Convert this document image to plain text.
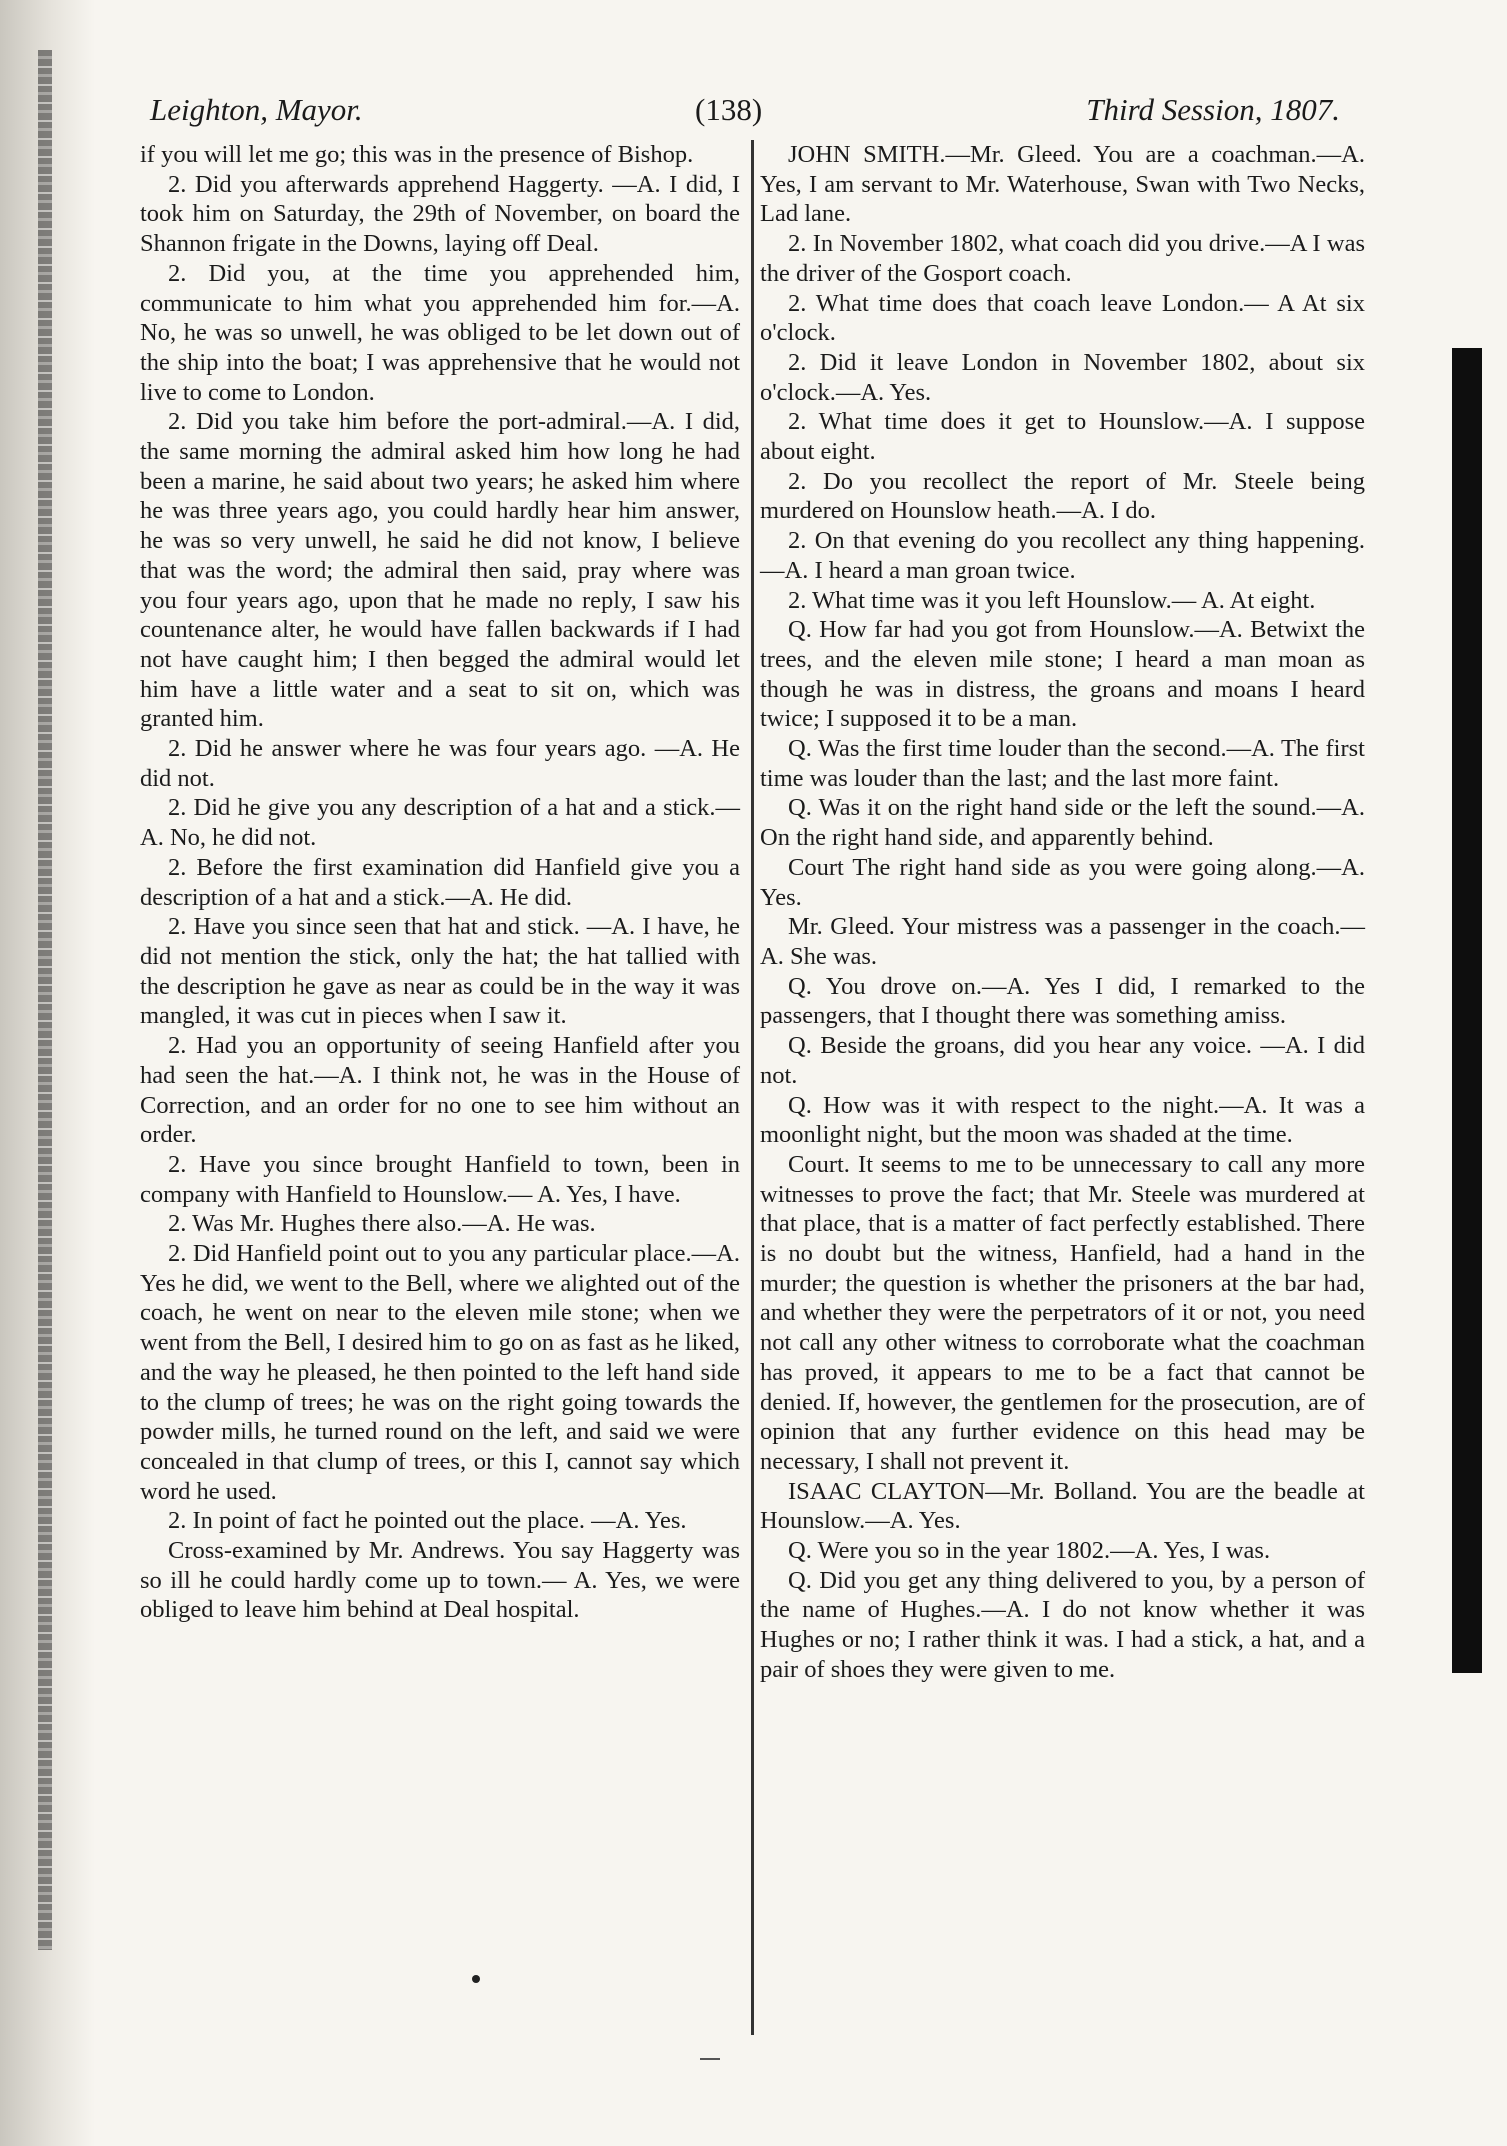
Leighton, Mayor.	(138)	Third Session, 1807.

if you will let me go; this was in the presence of Bishop.

2. Did you afterwards apprehend Haggerty. —A. I did, I took him on Saturday, the 29th of November, on board the Shannon frigate in the Downs, laying off Deal.

2. Did you, at the time you apprehended him, communicate to him what you apprehended him for.—A. No, he was so unwell, he was obliged to be let down out of the ship into the boat; I was apprehensive that he would not live to come to London.

2. Did you take him before the port-admiral.—A. I did, the same morning the admiral asked him how long he had been a marine, he said about two years; he asked him where he was three years ago, you could hardly hear him answer, he was so very unwell, he said he did not know, I believe that was the word; the admiral then said, pray where was you four years ago, upon that he made no reply, I saw his countenance alter, he would have fallen backwards if I had not have caught him; I then begged the admiral would let him have a little water and a seat to sit on, which was granted him.

2. Did he answer where he was four years ago. —A. He did not.

2. Did he give you any description of a hat and a stick.—A. No, he did not.

2. Before the first examination did Hanfield give you a description of a hat and a stick.—A. He did.

2. Have you since seen that hat and stick. —A. I have, he did not mention the stick, only the hat; the hat tallied with the description he gave as near as could be in the way it was mangled, it was cut in pieces when I saw it.

2. Had you an opportunity of seeing Hanfield after you had seen the hat.—A. I think not, he was in the House of Correction, and an order for no one to see him without an order.

2. Have you since brought Hanfield to town, been in company with Hanfield to Hounslow.— A. Yes, I have.

2. Was Mr. Hughes there also.—A. He was.

2. Did Hanfield point out to you any particular place.—A. Yes he did, we went to the Bell, where we alighted out of the coach, he went on near to the eleven mile stone; when we went from the Bell, I desired him to go on as fast as he liked, and the way he pleased, he then pointed to the left hand side to the clump of trees; he was on the right going towards the powder mills, he turned round on the left, and said we were concealed in that clump of trees, or this I, cannot say which word he used.

2. In point of fact he pointed out the place. —A. Yes.

Cross-examined by Mr. Andrews. You say Haggerty was so ill he could hardly come up to town.— A. Yes, we were obliged to leave him behind at Deal hospital.

JOHN SMITH.—Mr. Gleed. You are a coachman.—A. Yes, I am servant to Mr. Waterhouse, Swan with Two Necks, Lad lane.

2. In November 1802, what coach did you drive.—A I was the driver of the Gosport coach.

2. What time does that coach leave London.— A At six o'clock.

2. Did it leave London in November 1802, about six o'clock.—A. Yes.

2. What time does it get to Hounslow.—A. I suppose about eight.

2. Do you recollect the report of Mr. Steele being murdered on Hounslow heath.—A. I do.

2. On that evening do you recollect any thing happening.—A. I heard a man groan twice.

2. What time was it you left Hounslow.— A. At eight.

Q. How far had you got from Hounslow.—A. Betwixt the trees, and the eleven mile stone; I heard a man moan as though he was in distress, the groans and moans I heard twice; I supposed it to be a man.

Q. Was the first time louder than the second.—A. The first time was louder than the last; and the last more faint.

Q. Was it on the right hand side or the left the sound.—A. On the right hand side, and apparently behind.

Court The right hand side as you were going along.—A. Yes.

Mr. Gleed. Your mistress was a passenger in the coach.—A. She was.

Q. You drove on.—A. Yes I did, I remarked to the passengers, that I thought there was something amiss.

Q. Beside the groans, did you hear any voice. —A. I did not.

Q. How was it with respect to the night.—A. It was a moonlight night, but the moon was shaded at the time.

Court. It seems to me to be unnecessary to call any more witnesses to prove the fact; that Mr. Steele was murdered at that place, that is a matter of fact perfectly established. There is no doubt but the witness, Hanfield, had a hand in the murder; the question is whether the prisoners at the bar had, and whether they were the perpetrators of it or not, you need not call any other witness to corroborate what the coachman has proved, it appears to me to be a fact that cannot be denied. If, however, the gentlemen for the prosecution, are of opinion that any further evidence on this head may be necessary, I shall not prevent it.

ISAAC CLAYTON—Mr. Bolland. You are the beadle at Hounslow.—A. Yes.

Q. Were you so in the year 1802.—A. Yes, I was.

Q. Did you get any thing delivered to you, by a person of the name of Hughes.—A. I do not know whether it was Hughes or no; I rather think it was. I had a stick, a hat, and a pair of shoes they were given to me.
